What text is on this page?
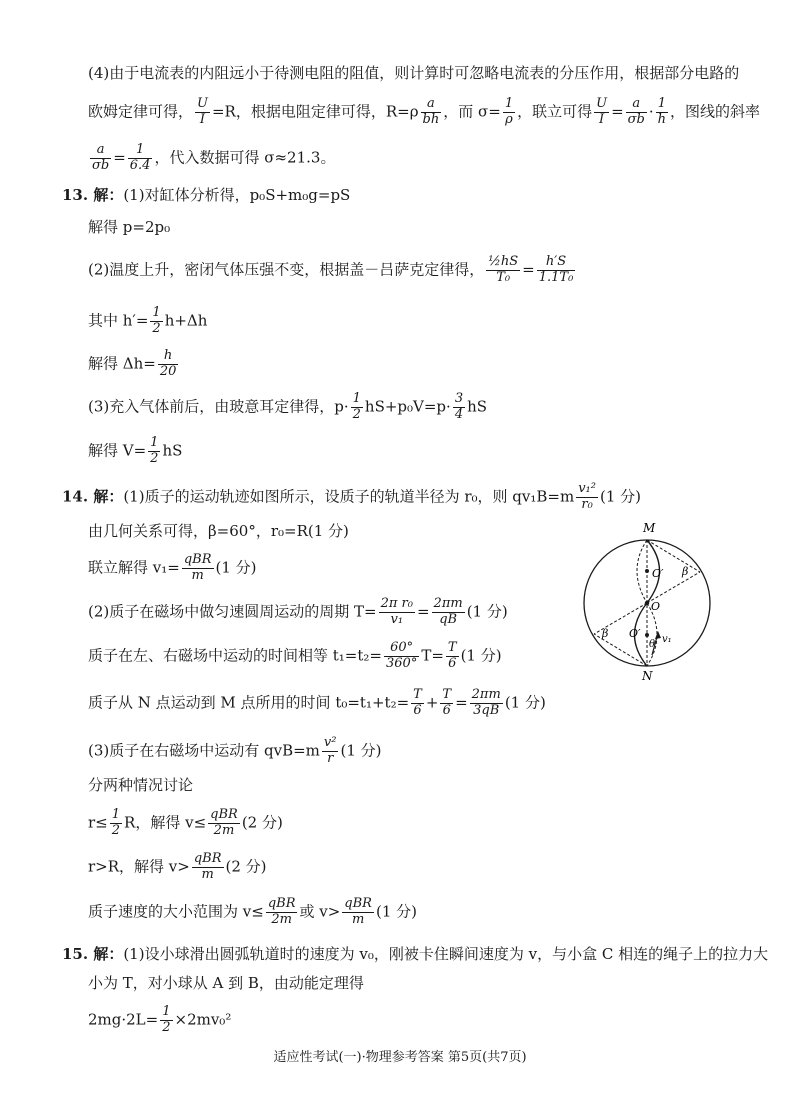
(4)由于电流表的内阻远小于待测电阻的阻值，则计算时可忽略电流表的分压作用，根据部分电路的
欧姆定律可得， $\frac{U}{I} =R$，根据电阻定律可得，$R=\rho \frac{a}{bh}$ ，而 $\sigma= \frac{1}{\rho}$ ，联立可得 $\frac{U}{I} = \frac{a}{\sigma b} \cdot \frac{1}{h}$ ，图线的斜率
$\frac{a}{\sigma b} = \frac{1}{6.4}$ ，代入数据可得 σ≈21.3。
13. 解：(1)对缸体分析得，p₀S+m₀g=pS
解得 p=2p₀
(2)温度上升，密闭气体压强不变，根据盖－吕萨克定律得， $\frac{\text{½hS}}{\text{T₀}} = \frac{h'S}{\text{1.1T₀}}$
其中 $h'= \frac{1}{2} h+\Delta h$
解得 $\Delta h= \frac{h}{20}$
(3)充入气体前后，由玻意耳定律得，$p\cdot \frac{1}{2} hS+p_0V=p\cdot \frac{3}{4}$ hS
解得 $V= \frac{1}{2}$ hS
14. 解：(1)质子的运动轨迹如图所示，设质子的轨道半径为 r₀，则 $qv_1B=m \frac{\text{v₁²}}{\text{r₀}} (1$ 分)
由几何关系可得，β=60°，r₀=R(1 分)
联立解得 $v_1= \frac{\text{qBR}}{m} (1$ 分)
(2)质子在磁场中做匀速圆周运动的周期 $T= \frac{\text{2π r₀}}{\text{v₁}} = \frac{2\pi m}{qB} (1$ 分)
质子在左、右磁场中运动的时间相等 $t_1=t_2= \frac{60^\circ}{360^\circ} T= \frac{T}{6} (1$ 分)
质子从 N 点运动到 M 点所用的时间 $t_0=t_1+t_2= \frac{T}{6} + \frac{T}{6} = \frac{2\pi m}{3qB} (1$ 分)
(3)质子在右磁场中运动有 $qvB=m \frac{\text{v²}}{r} (1$ 分)
分两种情况讨论
$r\le \frac{1}{2}$ R，解得 $v\le \frac{\text{qBR}}{2m} (2$ 分)
r>R，解得 $v> \frac{\text{qBR}}{m} (2$ 分)
质子速度的大小范围为 $v\le \frac{\text{qBR}}{2m}$ 或 $v> \frac{\text{qBR}}{m} (1$ 分)
M
N
O
O′
O′
β
β
θ v₁
15. 解：(1)设小球滑出圆弧轨道时的速度为 v₀，刚被卡住瞬间速度为 v，与小盒 C 相连的绳子上的拉力大
小为 T，对小球从 A 到 B，由动能定理得
$2mg\cdot 2L= \frac{1}{2} \times 2mv_0^2$
适应性考试(一)·物理参考答案 第5页(共7页)
